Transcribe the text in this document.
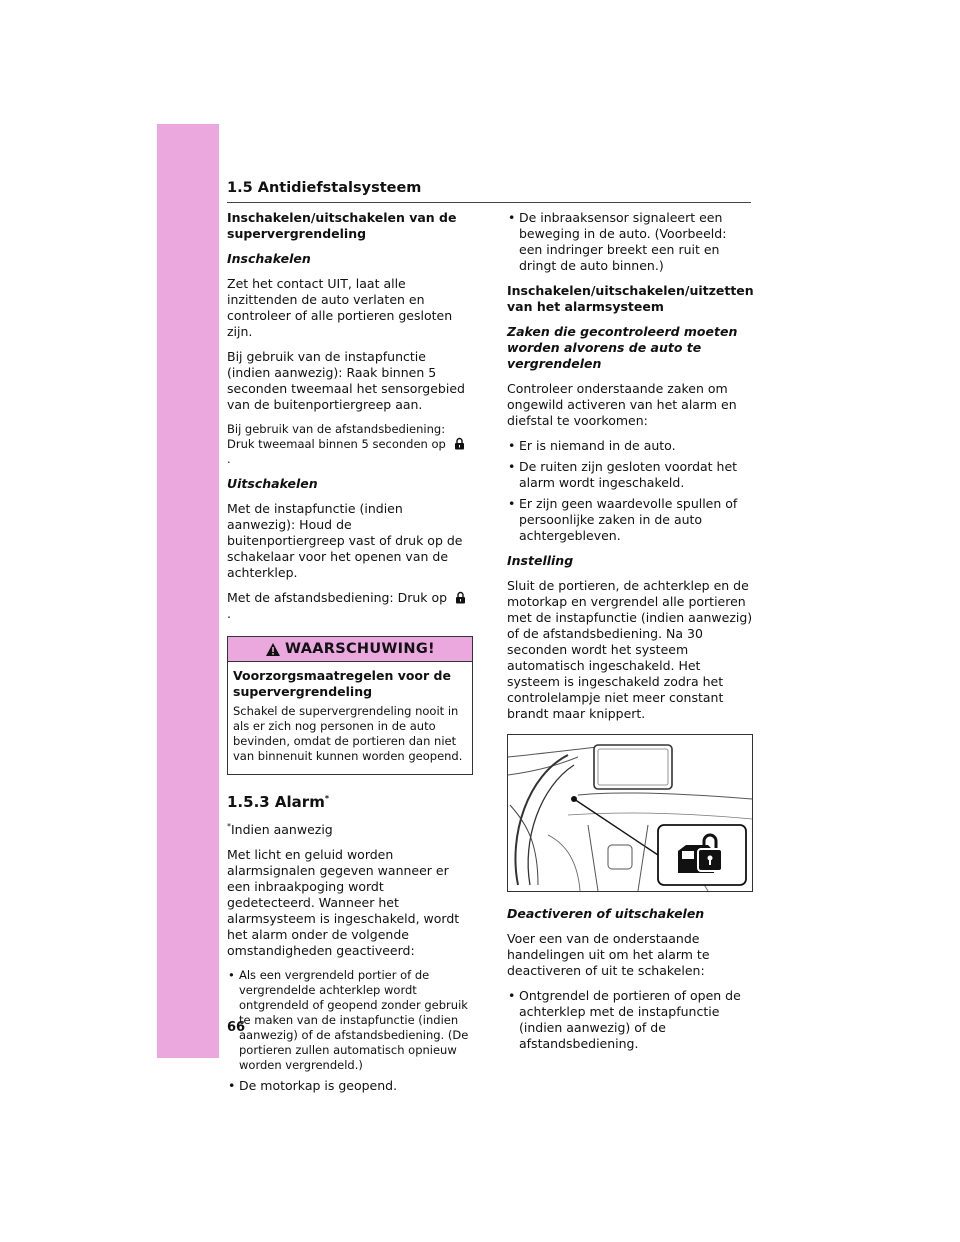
1.5 Antidiefstalsysteem

Inschakelen/uitschakelen van de supervergrendeling

Inschakelen

Zet het contact UIT, laat alle inzittenden de auto verlaten en controleer of alle portieren gesloten zijn.

Bij gebruik van de instapfunctie (indien aanwezig): Raak binnen 5 seconden tweemaal het sensorgebied van de buitenportiergreep aan.

Bij gebruik van de afstandsbediening: Druk tweemaal binnen 5 seconden op  .

Uitschakelen

Met de instapfunctie (indien aanwezig): Houd de buitenportiergreep vast of druk op de schakelaar voor het openen van de achterklep.

Met de afstandsbediening: Druk op  .

WAARSCHUWING!

Voorzorgsmaatregelen voor de supervergrendeling

Schakel de supervergrendeling nooit in als er zich nog personen in de auto bevinden, omdat de portieren dan niet van binnenuit kunnen worden geopend.

1.5.3 Alarm*

*Indien aanwezig

Met licht en geluid worden alarmsignalen gegeven wanneer er een inbraakpoging wordt gedetecteerd. Wanneer het alarmsysteem is ingeschakeld, wordt het alarm onder de volgende omstandigheden geactiveerd:

• Als een vergrendeld portier of de vergrendelde achterklep wordt ontgrendeld of geopend zonder gebruik te maken van de instapfunctie (indien aanwezig) of de afstandsbediening. (De portieren zullen automatisch opnieuw worden vergrendeld.)
• De motorkap is geopend.
• De inbraaksensor signaleert een beweging in de auto. (Voorbeeld: een indringer breekt een ruit en dringt de auto binnen.)

Inschakelen/uitschakelen/uitzetten van het alarmsysteem

Zaken die gecontroleerd moeten worden alvorens de auto te vergrendelen

Controleer onderstaande zaken om ongewild activeren van het alarm en diefstal te voorkomen:

• Er is niemand in de auto.
• De ruiten zijn gesloten voordat het alarm wordt ingeschakeld.
• Er zijn geen waardevolle spullen of persoonlijke zaken in de auto achtergebleven.

Instelling

Sluit de portieren, de achterklep en de motorkap en vergrendel alle portieren met de instapfunctie (indien aanwezig) of de afstandsbediening. Na 30 seconden wordt het systeem automatisch ingeschakeld. Het systeem is ingeschakeld zodra het controlelampje niet meer constant brandt maar knippert.

Deactiveren of uitschakelen

Voer een van de onderstaande handelingen uit om het alarm te deactiveren of uit te schakelen:

• Ontgrendel de portieren of open de achterklep met de instapfunctie (indien aanwezig) of de afstandsbediening.
66
